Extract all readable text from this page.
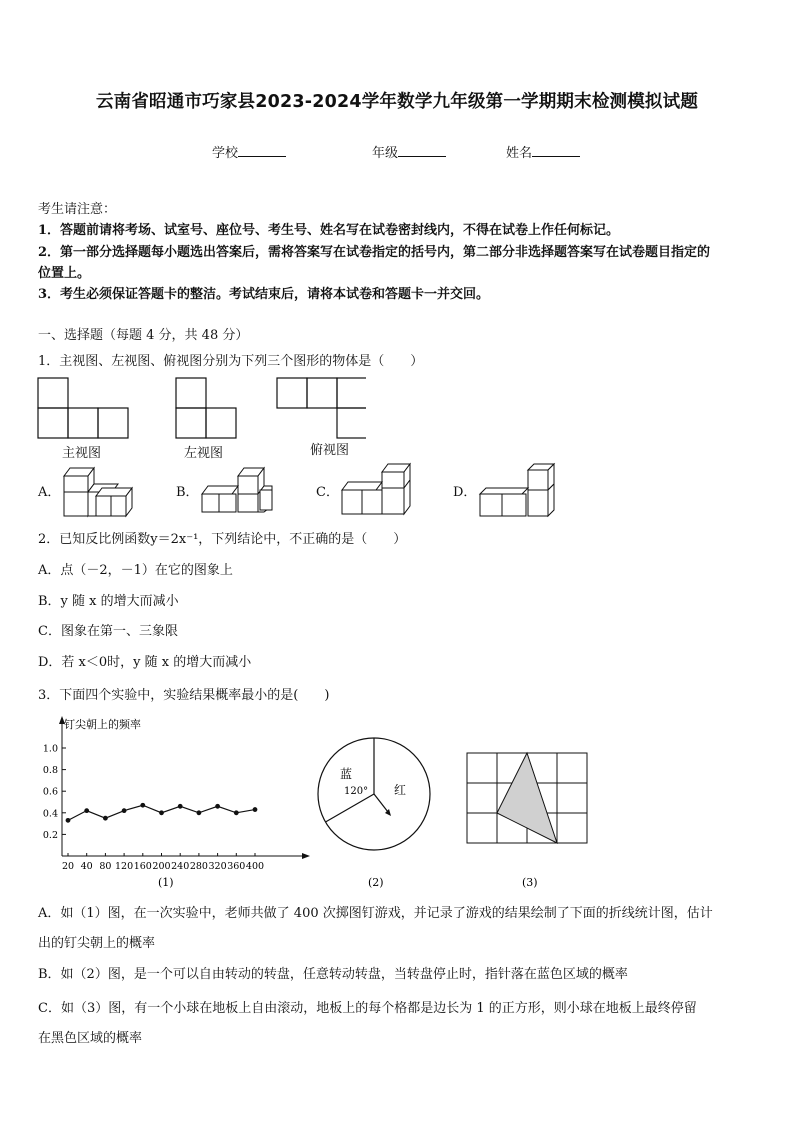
云南省昭通市巧家县2023-2024学年数学九年级第一学期期末检测模拟试题
学校	年级	姓名
考生请注意：
1．答题前请将考场、试室号、座位号、考生号、姓名写在试卷密封线内，不得在试卷上作任何标记。
2．第一部分选择题每小题选出答案后，需将答案写在试卷指定的括号内，第二部分非选择题答案写在试卷题目指定的
位置上。
3．考生必须保证答题卡的整洁。考试结束后，请将本试卷和答题卡一并交回。
一、选择题（每题 4 分，共 48 分）
1．主视图、左视图、俯视图分别为下列三个图形的物体是（　　）
主视图	左视图	俯视图
A．	B．	C．	D．
2．已知反比例函数y＝2x⁻¹，下列结论中，不正确的是（　　）
A．点（－2，－1）在它的图象上
B．y 随 x 的增大而减小
C．图象在第一、三象限
D．若 x＜0时，y 随 x 的增大而减小
3．下面四个实验中，实验结果概率最小的是(　　)
钉尖朝上的频率
0.2
0.4
0.6
0.8
1.0
20 40 80 120 160 200 240 280 320 360 400
(1)
蓝
120° 红
(2)	(3)
A．如（1）图，在一次实验中，老师共做了 400 次掷图钉游戏，并记录了游戏的结果绘制了下面的折线统计图，估计
出的钉尖朝上的概率
B．如（2）图，是一个可以自由转动的转盘，任意转动转盘，当转盘停止时，指针落在蓝色区域的概率
C．如（3）图，有一个小球在地板上自由滚动，地板上的每个格都是边长为 1 的正方形，则小球在地板上最终停留
在黑色区域的概率
